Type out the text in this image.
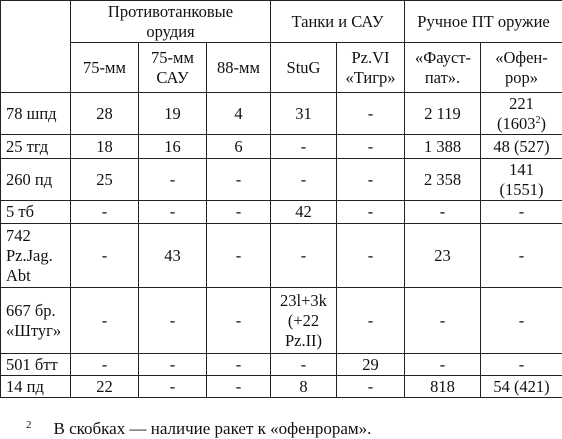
	Противотанковые орудия			Танки и САУ		Ручное ПТ оружие	
	75-мм	75-мм САУ	88-мм	StuG	Pz.VI «Тигр»	«Фауст-пат».	«Офен-рор»
78 шпд	28	19	4	31	-	2 119	221 (1603$^2$)
25 тгд	18	16	6	-	-	1 388	48 (527)
260 пд	25	-	-	-	-	2 358	141 (1551)
5 тб	-	-	-	42	-	-	-
742 Pz.Jag. Abt	-	43	-	-	-	23	-
667 бр. «Штуг»	-	-	-	23l+3k (+22 Pz.II)	-	-	-
501 бтт	-	-	-	-	29	-	-
14 пд	22	-	-	8	-	818	54 (421)
$^2$ В скобках — наличие ракет к «офенрорам».
